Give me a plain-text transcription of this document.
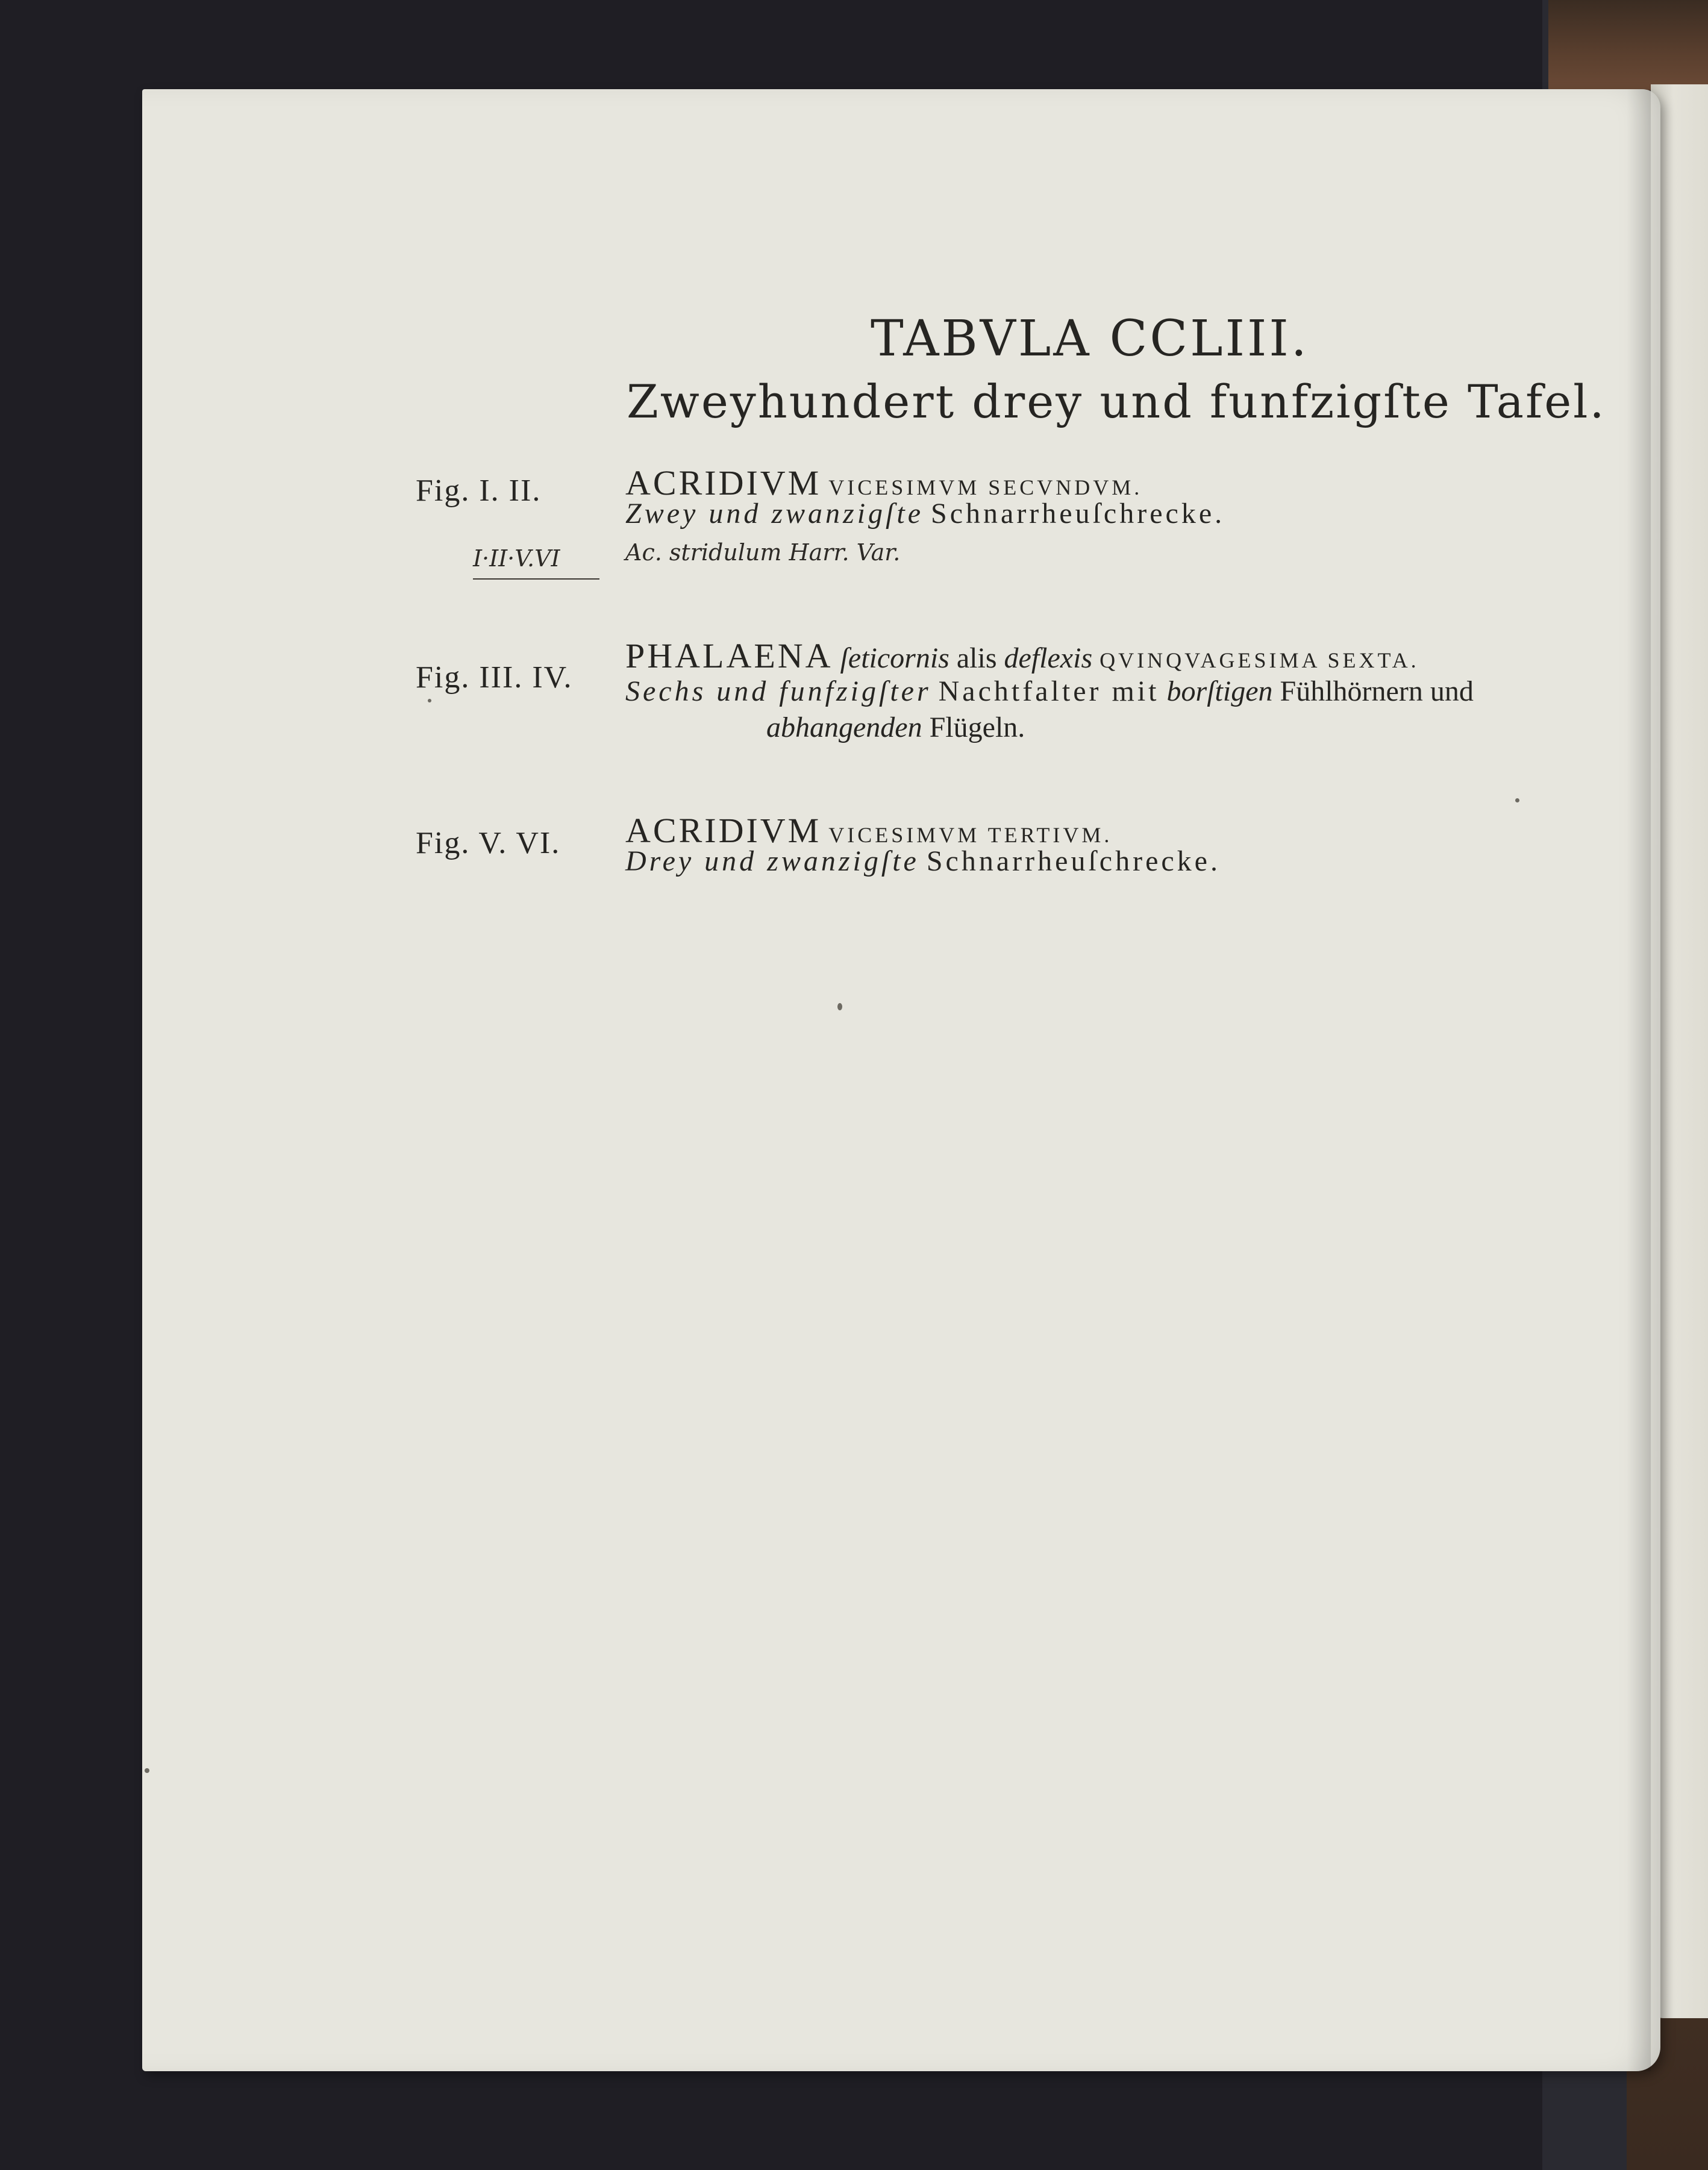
TABVLA CCLIII.
Zweyhundert drey und funfzigſte Tafel.
Fig. I. II. ACRIDIVM VICESIMVM SECVNDVM.
Zwey und zwanzigſte Schnarrheuſchrecke.
I·II·V.VI	Ac. stridulum Harr. Var.
Fig. III. IV.
PHALAENA ſeticornis alis deflexis QVINQVAGESIMA SEXTA.
Sechs und funfzigſter Nachtfalter mit borſtigen Fühlhörnern und
abhangenden Flügeln.
Fig. V. VI. ACRIDIVM VICESIMVM TERTIVM.
Drey und zwanzigſte Schnarrheuſchrecke.
